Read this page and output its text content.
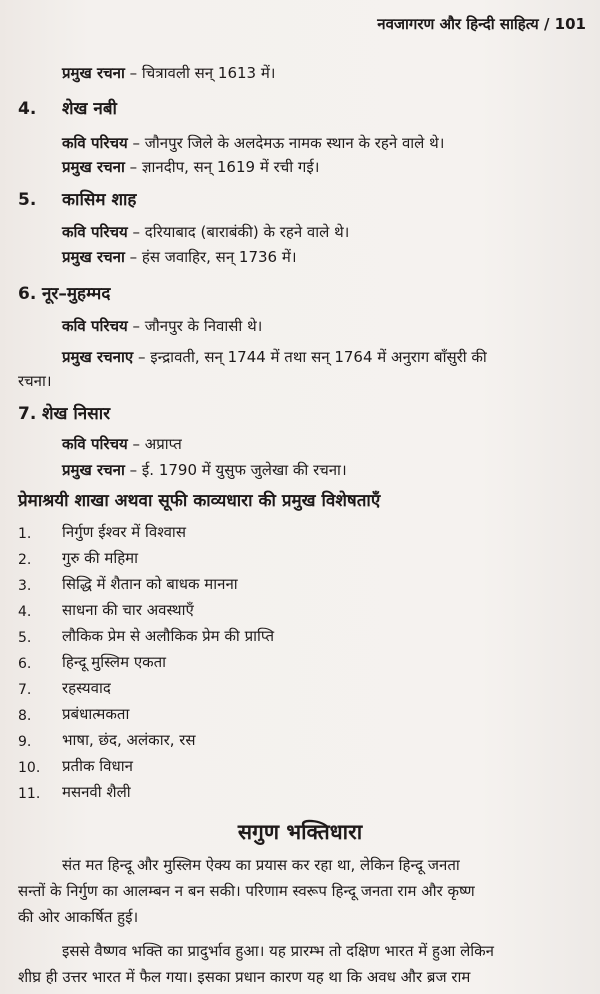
नवजागरण और हिन्दी साहित्य / 101
प्रमुख रचना – चित्रावली सन् 1613 में।
4. शेख नबी
कवि परिचय – जौनपुर जिले के अलदेमऊ नामक स्थान के रहने वाले थे।
प्रमुख रचना – ज्ञानदीप, सन् 1619 में रची गई।
5. कासिम शाह
कवि परिचय – दरियाबाद (बाराबंकी) के रहने वाले थे।
प्रमुख रचना – हंस जवाहिर, सन् 1736 में।
6. नूर–मुहम्मद
कवि परिचय – जौनपुर के निवासी थे।
प्रमुख रचनाए – इन्द्रावती, सन् 1744 में तथा सन् 1764 में अनुराग बाँसुरी की
रचना।
7. शेख निसार
कवि परिचय – अप्राप्त
प्रमुख रचना – ई. 1790 में युसुफ जुलेखा की रचना।
प्रेमाश्रयी शाखा अथवा सूफी काव्यधारा की प्रमुख विशेषताएँ
1. निर्गुण ईश्वर में विश्वास
2. गुरु की महिमा
3. सिद्धि में शैतान को बाधक मानना
4. साधना की चार अवस्थाएँ
5. लौकिक प्रेम से अलौकिक प्रेम की प्राप्ति
6. हिन्दू मुस्लिम एकता
7. रहस्यवाद
8. प्रबंधात्मकता
9. भाषा, छंद, अलंकार, रस
10. प्रतीक विधान
11. मसनवी शैली
सगुण भक्तिधारा
संत मत हिन्दू और मुस्लिम ऐक्य का प्रयास कर रहा था, लेकिन हिन्दू जनता
सन्तों के निर्गुण का आलम्बन न बन सकी। परिणाम स्वरूप हिन्दू जनता राम और कृष्ण
की ओर आकर्षित हुई।
इससे वैष्णव भक्ति का प्रादुर्भाव हुआ। यह प्रारम्भ तो दक्षिण भारत में हुआ लेकिन
शीघ्र ही उत्तर भारत में फैल गया। इसका प्रधान कारण यह था कि अवध और ब्रज राम
